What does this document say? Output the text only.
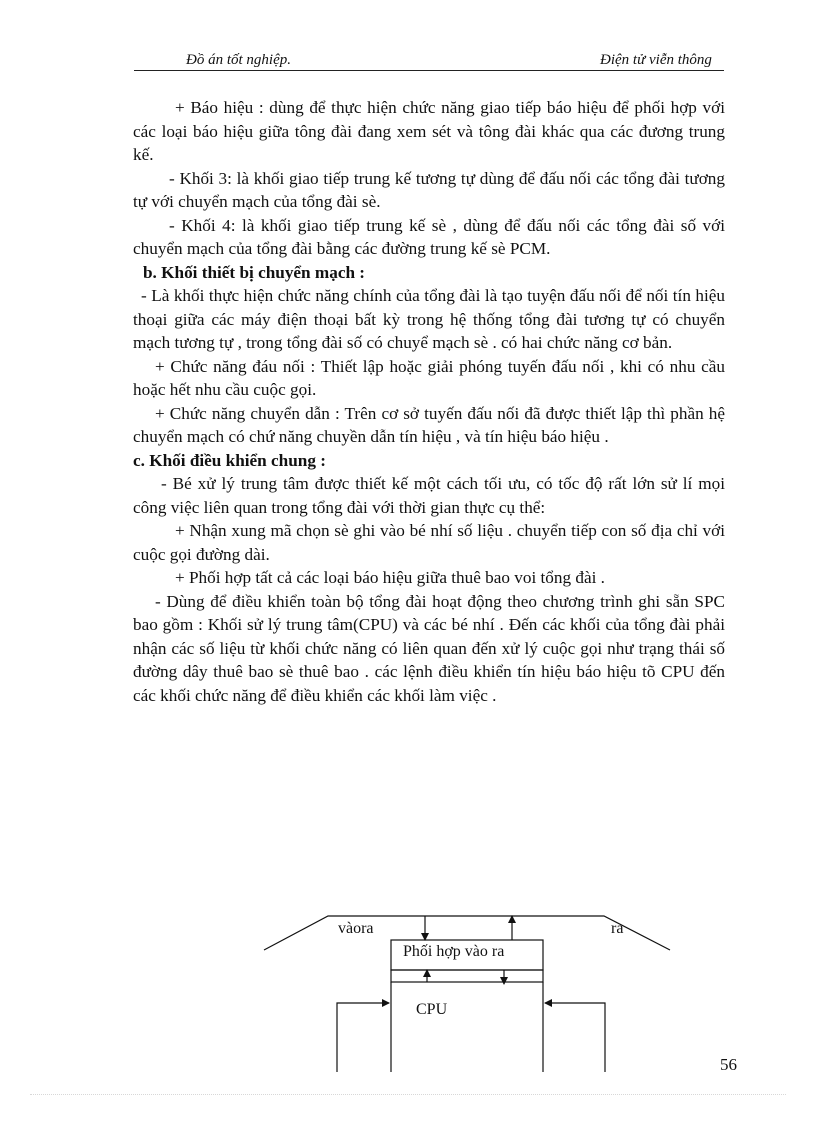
Đồ án tốt nghiệp.	Điện tử viễn thông

+ Báo hiệu : dùng để thực hiện chức năng giao tiếp báo hiệu để phối hợp với các loại báo hiệu giữa tông đài đang xem sét và tông đài khác qua các đương trung kế.

- Khối 3: là khối giao tiếp trung kế tương tự dùng để đấu nối các tổng đài tương tự với chuyển mạch của tổng đài sè.

- Khối 4: là khối giao tiếp trung kế sè , dùng để đấu nối các tổng đài số với chuyển mạch của tổng đài bằng các đường trung kế sè PCM.

b. Khối thiết bị chuyển mạch :

- Là khối thực hiện chức năng chính của tổng đài là tạo tuyện đấu nối để nối tín hiệu thoại giữa các máy điện thoại bất kỳ trong hệ thống tổng đài tương tự có chuyển mạch tương tự , trong tổng đài số có chuyể mạch sè . có hai chức năng cơ bản.

+ Chức năng đáu nối : Thiết lập hoặc giải phóng tuyến đấu nối , khi có nhu cầu hoặc hết nhu cầu cuộc gọi.

+ Chức năng chuyển dẫn : Trên cơ sở tuyến đấu nối đã được thiết lập thì phần hệ chuyển mạch có chứ năng chuyền dẫn tín hiệu , và tín hiệu báo hiệu .

c. Khối điều khiển chung :

- Bé xử lý trung tâm được thiết kế một cách tối ưu, có tốc độ rất lớn sử lí mọi công việc liên quan trong tổng đài với thời gian thực cụ thể:

+ Nhận xung mã chọn sè ghi vào bé nhí số liệu . chuyển tiếp con số địa chỉ với cuộc gọi đường dài.

+ Phối hợp tất cả các loại báo hiệu giữa thuê bao voi tổng đài .

- Dùng để điều khiển toàn bộ tổng đài hoạt động theo chương trình ghi sẵn SPC bao gồm : Khối sử lý trung tâm(CPU) và các bé nhí . Đến các khối của tổng đài phải nhận các số liệu từ khối chức năng có liên quan đến xử lý cuộc gọi như trạng thái số đường dây thuê bao sè thuê bao . các lệnh điều khiển tín hiệu báo hiệu tõ CPU đến các khối chức năng để điều khiển các khối làm việc .

vàora	ra
Phối hợp vào ra
CPU
56
